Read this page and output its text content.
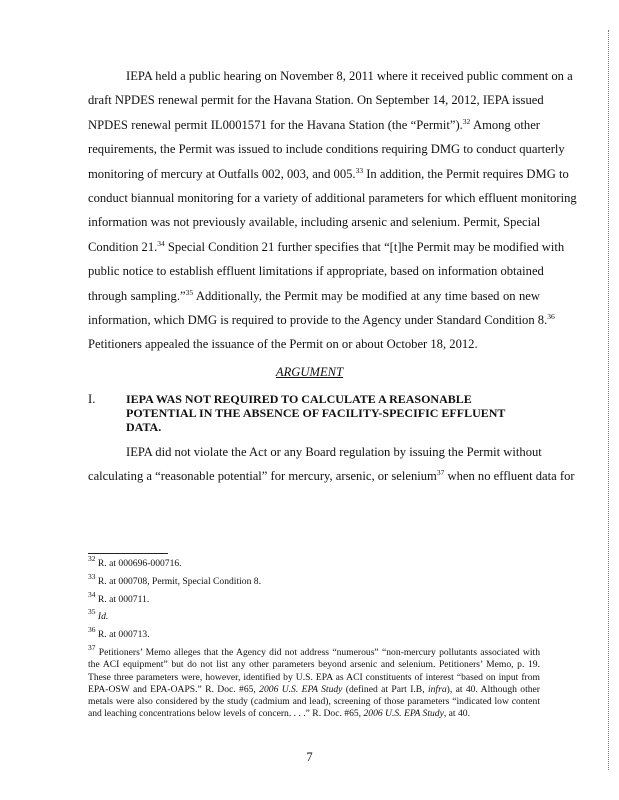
IEPA held a public hearing on November 8, 2011 where it received public comment on a
draft NPDES renewal permit for the Havana Station. On September 14, 2012, IEPA issued
NPDES renewal permit IL0001571 for the Havana Station (the “Permit”).$^{32}$ Among other
requirements, the Permit was issued to include conditions requiring DMG to conduct quarterly
monitoring of mercury at Outfalls 002, 003, and 005.33 In addition, the Permit requires DMG to
conduct biannual monitoring for a variety of additional parameters for which effluent monitoring
information was not previously available, including arsenic and selenium. Permit, Special
Condition 21.34 Special Condition 21 further specifies that “[t]he Permit may be modified with
public notice to establish effluent limitations if appropriate, based on information obtained
through sampling.”$^{35}$ Additionally, the Permit may be modified at any time based on new
information, which DMG is required to provide to the Agency under Standard Condition 8.36
Petitioners appealed the issuance of the Permit on or about October 18, 2012.
ARGUMENT
I.	IEPA WAS NOT REQUIRED TO CALCULATE A REASONABLE POTENTIAL IN THE ABSENCE OF FACILITY-SPECIFIC EFFLUENT DATA.
IEPA did not violate the Act or any Board regulation by issuing the Permit without
calculating a “reasonable potential” for mercury, arsenic, or selenium$^{37}$ when no effluent data for
$^{32}$ R. at 000696-000716.
$^{33}$ R. at 000708, Permit, Special Condition 8.
$^{34}$ R. at 000711.
$^{35}$ Id.
$^{36}$ R. at 000713.
$^{37}$ Petitioners’ Memo alleges that the Agency did not address “numerous” “non-mercury pollutants associated with the ACI equipment” but do not list any other parameters beyond arsenic and selenium. Petitioners’ Memo, p. 19. These three parameters were, however, identified by U.S. EPA as ACI constituents of interest “based on input from EPA-OSW and EPA-OAPS.” R. Doc. #65, 2006 U.S. EPA Study (defined at Part I.B, infra), at 40. Although other metals were also considered by the study (cadmium and lead), screening of those parameters “indicated low content and leaching concentrations below levels of concern. . . .” R. Doc. #65, 2006 U.S. EPA Study, at 40.
7
